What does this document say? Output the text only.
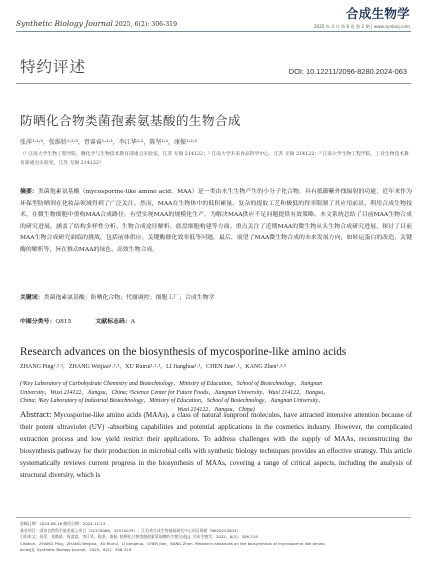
Synthetic Biology Journal 2025, 6(2): 306-319
合成生物学
2025 年 4 月 第 6 卷 第 2 期 | www.synbioj.com
特约评述	DOI: 10.12211/2096-8280.2024-063
防晒化合物类菌孢素氨基酸的生物合成
张萍¹˒²˒³，张维娇¹˒²˒³，胥睿睿¹˒²˒³，李江华¹˒²，陈坚¹˒²，康振¹˒²˒³
（¹ 江南大学生物工程学院，糖化学与生物技术教育部重点实验室，江苏 无锡 214122；² 江南大学未来食品科学中心，江苏 无锡 214122；³ 江南大学生物工程学院，工业生物技术教育部重点实验室，江苏 无锡 214122）
摘要：类菌孢素氨基酸（mycosporine-like amino acid，MAA）是一类由水生生物产生的小分子化合物，具有抵御紫外线辐射的功能，近年来作为环保型防晒剂在化妆品领域得到了广泛关注。然而，MAA在生物体中的低积累量、复杂的提取工艺和极低的得率限制了其应用前景。利用合成生物技术，在微生物细胞中重构MAA合成路径，有望实现MAA的规模化生产，为解决MAA供应不足问题提供有效策略。本文系统总结了目前MAA生物合成的研究进展，涵盖了结构多样性分析、生物合成途径解析、底盘细胞构建等方面。重点关注了近期MAA的微生物从头生物合成研究进展，探讨了目前MAA生物合成研究面临的挑战，包括前体供应、关键酶催化效率低等问题。最后，展望了MAA微生物合成的未来发展方向，如转运蛋白的改造、关键酶的解析等，旨在推动MAA的绿色、高效生物合成。
关键词：类菌孢素氨基酸；防晒化合物；代谢调控；细胞工厂；合成生物学
中图分类号：Q815	文献标志码：A
Research advances on the biosynthesis of mycosporine-like amino acids
ZHANG Ping¹˒²˒³，ZHANG Weijiao¹˒²˒³，XU Ruirui¹˒²˒³，LI Jianghua¹˒²，CHEN Jian¹˒²，KANG Zhen¹˒²˒³
(¹Key Laboratory of Carbohydrate Chemistry and Biotechnology，Ministry of Education，School of Biotechnology，Jiangnan
University，Wuxi 214122，Jiangsu，China; ²Science Center for Future Foods，Jiangnan University，Wuxi 214122，Jiangsu，
China; ³Key Laboratory of Industrial Biotechnology，Ministry of Education，School of Biotechnology，Jiangnan University，
Wuxi 214122，Jiangsu，China)
Abstract: Mycosporine-like amino acids (MAAs), a class of natural sunproof molecules, have attracted intensive attention because of their potent ultraviolet (UV) -absorbing capabilities and potential applications in the cosmetics industry. However, the complicated extraction process and low yield restrict their applications. To address challenges with the supply of MAAs, reconstructing the biosynthesis pathway for their production in microbial cells with synthetic biology techniques provides an effective strategy. This article systematically reviews current progress in the biosynthesis of MAAs, covering a range of critical aspects, including the analysis of structural diversity, which is
收稿日期：2024-08-16 修回日期：2024-12-13
基金项目：国家自然科学基金面上项目（32370066，32570079）；江苏省合成生物基础研究中心项目资助（BK20233003）
引用本文：张萍，张维娇，胥睿睿，李江华，陈坚，康振. 防晒化合物类菌孢素氨基酸的生物合成[J]. 合成生物学，2025，6(2)：306-319
Citation：ZHANG Ping，ZHANG Weijiao，XU Ruirui，LI Jianghua，CHEN Jian，KANG Zhen. Research advances on the biosynthesis of mycosporine-like amino
acids[J]. Synthetic Biology Journal，2025，6(2)：306-319
